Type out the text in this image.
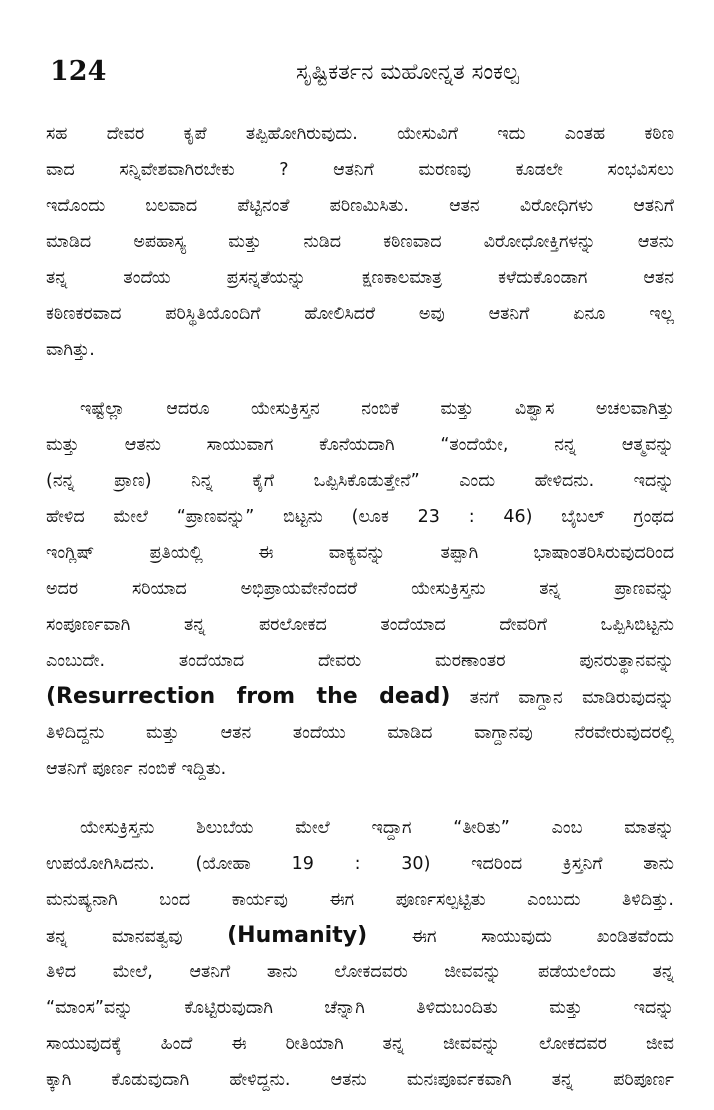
124	ಸೃಷ್ಟಿಕರ್ತನ ಮಹೋನ್ನತ ಸಂಕಲ್ಪ
ಸಹ ದೇವರ ಕೃಪೆ ತಪ್ಪಿಹೋಗಿರುವುದು. ಯೇಸುವಿಗೆ ಇದು ಎಂತಹ ಕಠಿಣ
ವಾದ ಸನ್ನಿವೇಶವಾಗಿರಬೇಕು ? ಆತನಿಗೆ ಮರಣವು ಕೂಡಲೇ ಸಂಭವಿಸಲು
ಇದೊಂದು ಬಲವಾದ ಪೆಟ್ಟಿನಂತೆ ಪರಿಣಮಿಸಿತು. ಆತನ ವಿರೋಧಿಗಳು ಆತನಿಗೆ
ಮಾಡಿದ ಅಪಹಾಸ್ಯ ಮತ್ತು ನುಡಿದ ಕಠಿಣವಾದ ವಿರೋಧೋಕ್ತಿಗಳನ್ನು ಆತನು
ತನ್ನ ತಂದೆಯ ಪ್ರಸನ್ನತೆಯನ್ನು ಕ್ಷಣಕಾಲಮಾತ್ರ ಕಳೆದುಕೊಂಡಾಗ ಆತನ
ಕಠಿಣಕರವಾದ ಪರಿಸ್ಥಿತಿಯೊಂದಿಗೆ ಹೋಲಿಸಿದರೆ ಅವು ಆತನಿಗೆ ಏನೂ ಇಲ್ಲ
ವಾಗಿತ್ತು.
ಇಷ್ಟೆಲ್ಲಾ ಆದರೂ ಯೇಸುಕ್ರಿಸ್ತನ ನಂಬಿಕೆ ಮತ್ತು ವಿಶ್ವಾಸ ಅಚಲವಾಗಿತ್ತು
ಮತ್ತು ಆತನು ಸಾಯುವಾಗ ಕೊನೆಯದಾಗಿ “ತಂದೆಯೇ, ನನ್ನ ಆತ್ಮವನ್ನು
(ನನ್ನ ಪ್ರಾಣ) ನಿನ್ನ ಕೈಗೆ ಒಪ್ಪಿಸಿಕೊಡುತ್ತೇನೆ” ಎಂದು ಹೇಳಿದನು. ಇದನ್ನು
ಹೇಳಿದ ಮೇಲೆ “ಪ್ರಾಣವನ್ನು” ಬಿಟ್ಟನು (ಲೂಕ 23 : 46) ಬೈಬಲ್ ಗ್ರಂಥದ
ಇಂಗ್ಲಿಷ್ ಪ್ರತಿಯಲ್ಲಿ ಈ ವಾಕ್ಯವನ್ನು ತಪ್ಪಾಗಿ ಭಾಷಾಂತರಿಸಿರುವುದರಿಂದ
ಅದರ ಸರಿಯಾದ ಅಭಿಪ್ರಾಯವೇನೆಂದರೆ ಯೇಸುಕ್ರಿಸ್ತನು ತನ್ನ ಪ್ರಾಣವನ್ನು
ಸಂಪೂರ್ಣವಾಗಿ ತನ್ನ ಪರಲೋಕದ ತಂದೆಯಾದ ದೇವರಿಗೆ ಒಪ್ಪಿಸಿಬಿಟ್ಟನು
ಎಂಬುದೇ. ತಂದೆಯಾದ ದೇವರು ಮರಣಾಂತರ ಪುನರುತ್ಥಾನವನ್ನು
(Resurrection from the dead) ತನಗೆ ವಾಗ್ದಾನ ಮಾಡಿರುವುದನ್ನು
ತಿಳಿದಿದ್ದನು ಮತ್ತು ಆತನ ತಂದೆಯು ಮಾಡಿದ ವಾಗ್ದಾನವು ನೆರವೇರುವುದರಲ್ಲಿ
ಆತನಿಗೆ ಪೂರ್ಣ ನಂಬಿಕೆ ಇದ್ದಿತು.
ಯೇಸುಕ್ರಿಸ್ತನು ಶಿಲುಬೆಯ ಮೇಲೆ ಇದ್ದಾಗ “ತೀರಿತು” ಎಂಬ ಮಾತನ್ನು
ಉಪಯೋಗಿಸಿದನು. (ಯೋಹಾ 19 : 30) ಇದರಿಂದ ಕ್ರಿಸ್ತನಿಗೆ ತಾನು
ಮನುಷ್ಯನಾಗಿ ಬಂದ ಕಾರ್ಯವು ಈಗ ಪೂರ್ಣಸಲ್ಪಟ್ಟಿತು ಎಂಬುದು ತಿಳಿದಿತ್ತು.
ತನ್ನ ಮಾನವತ್ವವು (Humanity) ಈಗ ಸಾಯುವುದು ಖಂಡಿತವೆಂದು
ತಿಳಿದ ಮೇಲೆ, ಆತನಿಗೆ ತಾನು ಲೋಕದವರು ಜೀವವನ್ನು ಪಡೆಯಲೆಂದು ತನ್ನ
“ಮಾಂಸ”ವನ್ನು ಕೊಟ್ಟಿರುವುದಾಗಿ ಚೆನ್ನಾಗಿ ತಿಳಿದುಬಂದಿತು ಮತ್ತು ಇದನ್ನು
ಸಾಯುವುದಕ್ಕೆ ಹಿಂದೆ ಈ ರೀತಿಯಾಗಿ ತನ್ನ ಜೀವವನ್ನು ಲೋಕದವರ ಜೀವ
ಕ್ಕಾಗಿ ಕೊಡುವುದಾಗಿ ಹೇಳಿದ್ದನು. ಆತನು ಮನಃಪೂರ್ವಕವಾಗಿ ತನ್ನ ಪರಿಪೂರ್ಣ
